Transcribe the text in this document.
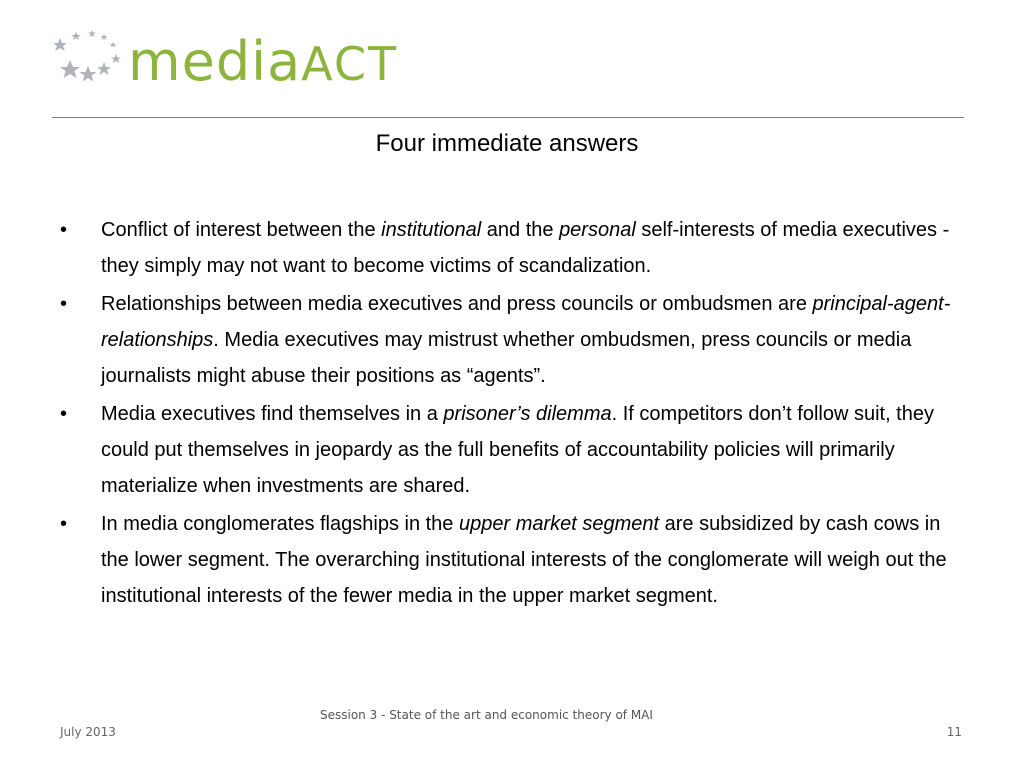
mediaACT
Four immediate answers
• Conflict of interest between the institutional and the personal self-interests of media executives - they simply may not want to become victims of scandalization.
• Relationships between media executives and press councils or ombudsmen are principal-agent-relationships. Media executives may mistrust whether ombudsmen, press councils or media journalists might abuse their positions as “agents”.
• Media executives find themselves in a prisoner’s dilemma. If competitors don’t follow suit, they could put themselves in jeopardy as the full benefits of accountability policies will primarily materialize when investments are shared.
• In media conglomerates flagships in the upper market segment are subsidized by cash cows in the lower segment. The overarching institutional interests of the conglomerate will weigh out the institutional interests of the fewer media in the upper market segment.
Session 3 - State of the art and economic theory of MAI
July 2013	11
